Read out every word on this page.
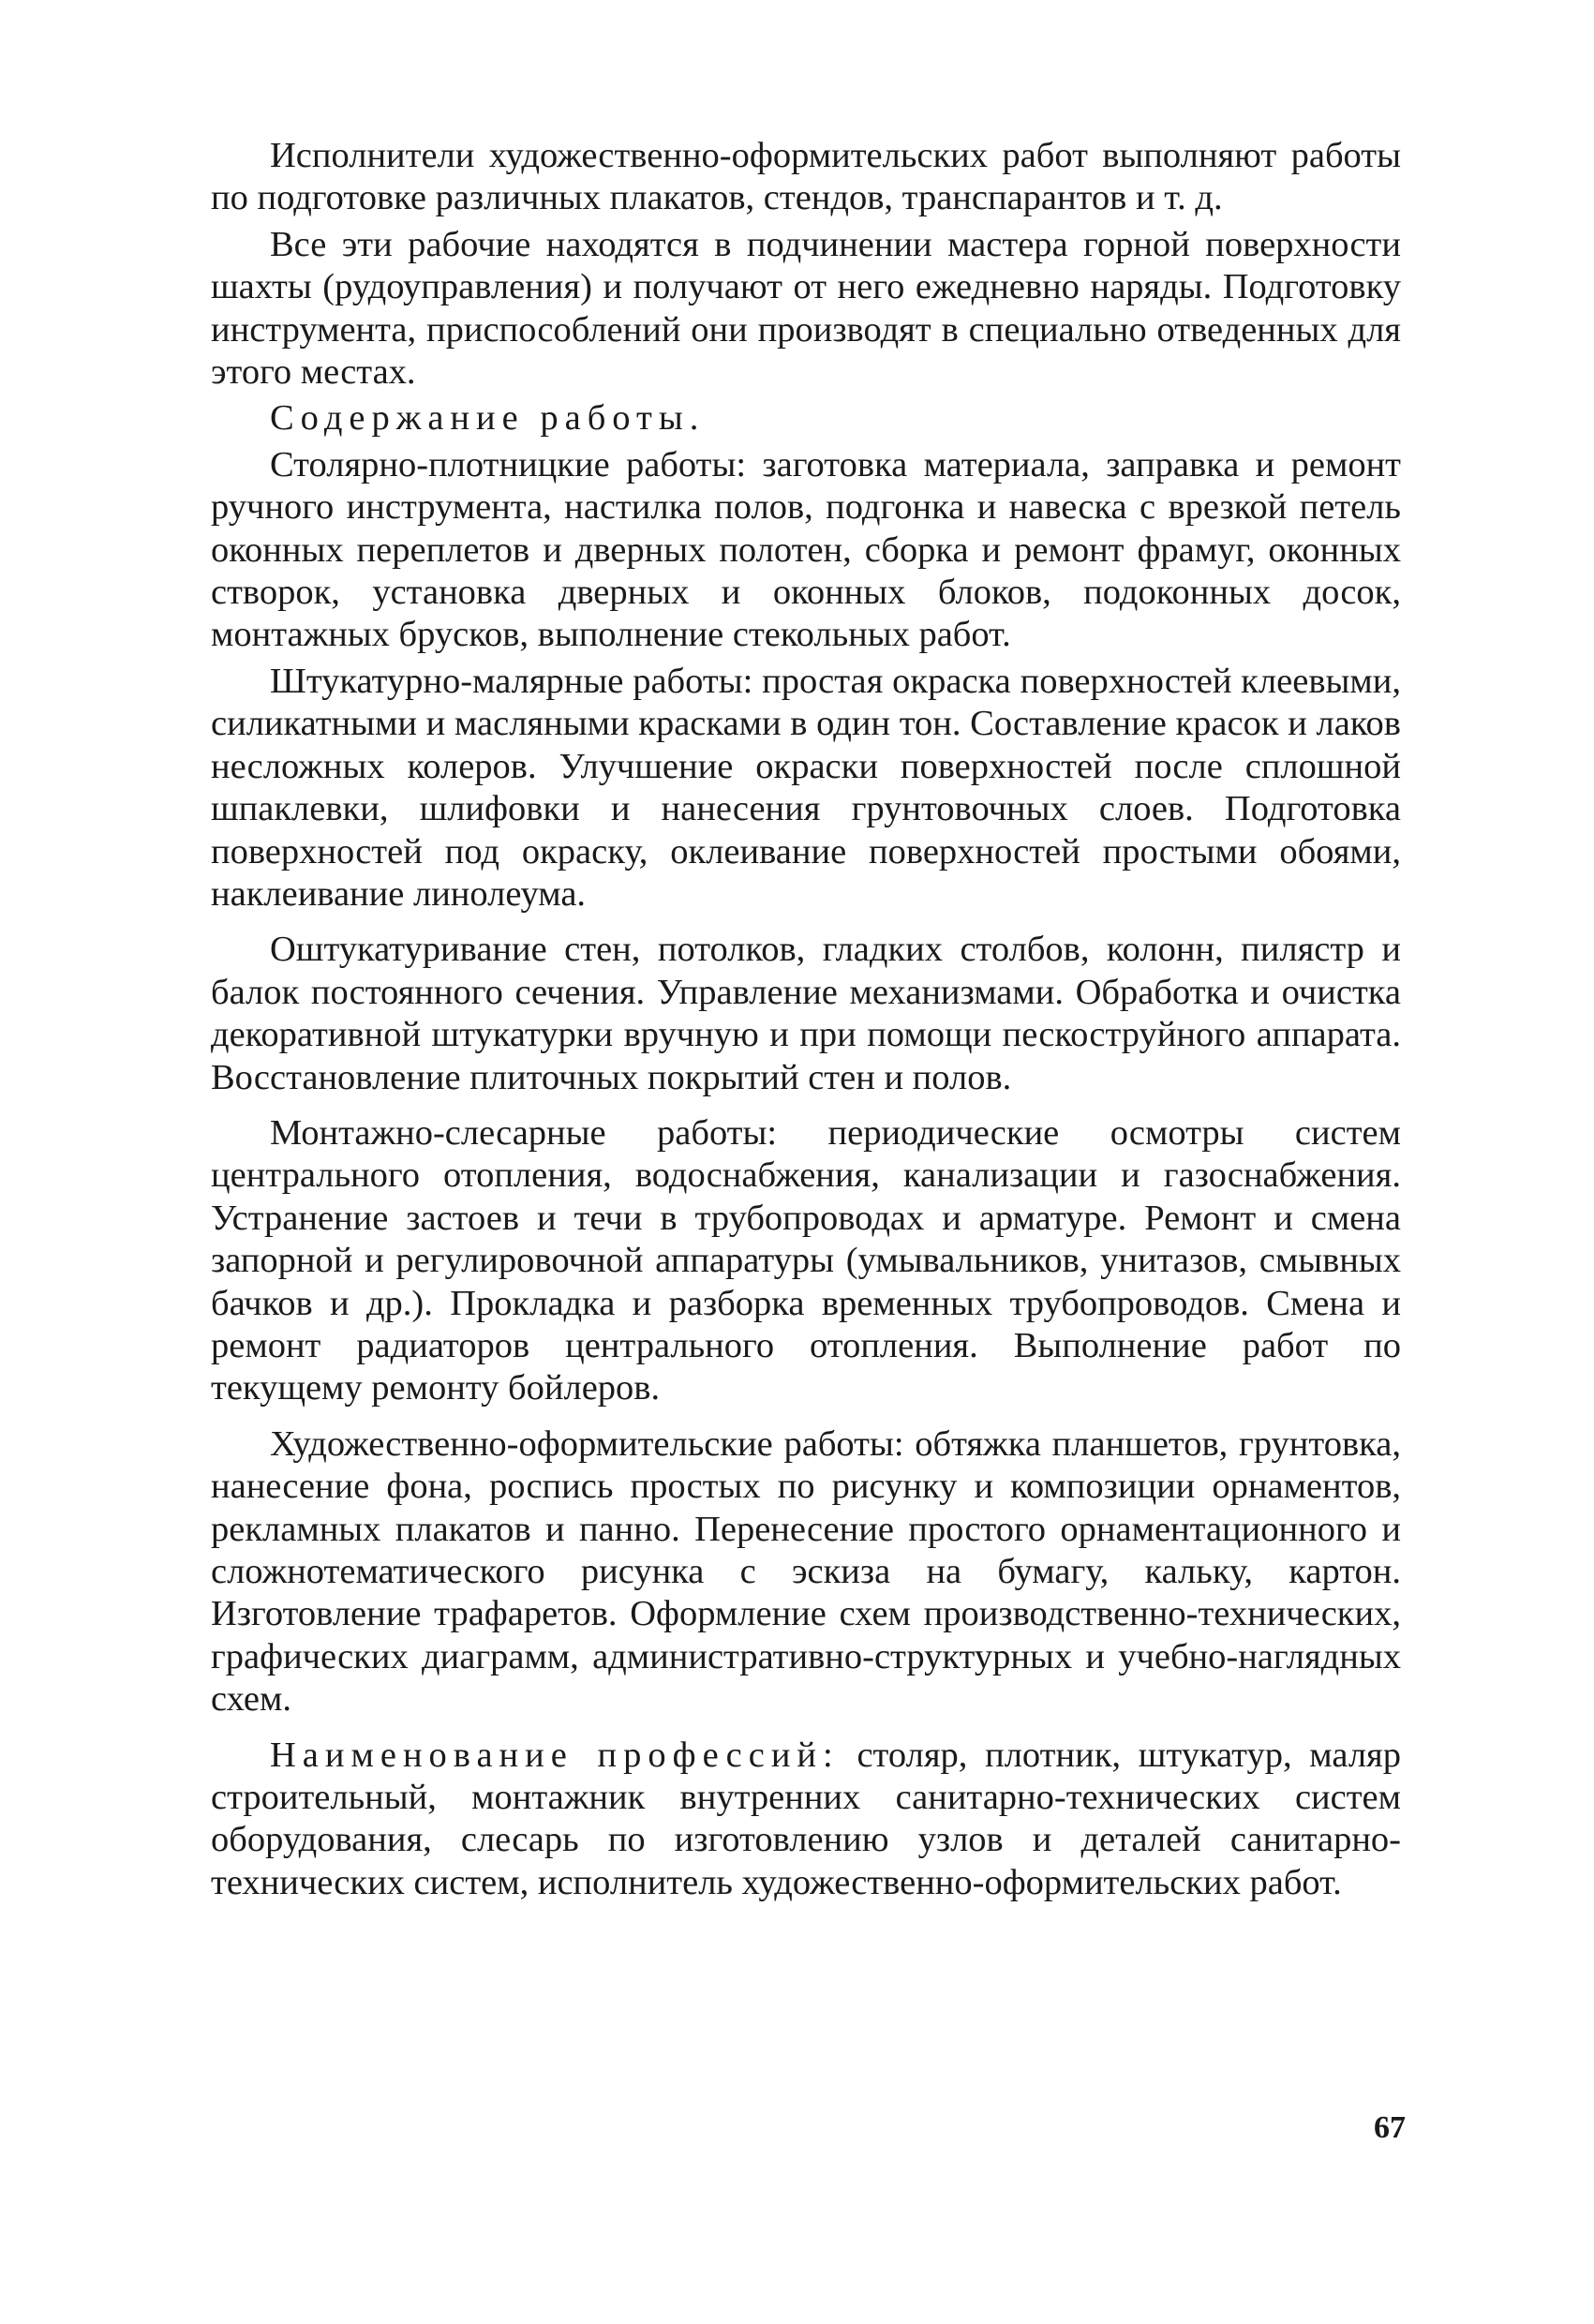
Исполнители художественно-оформительских работ выполняют работы по подготовке различных плакатов, стендов, транспарантов и т. д.

Все эти рабочие находятся в подчинении мастера горной поверхности шахты (рудоуправления) и получают от него ежедневно наряды. Подготовку инструмента, приспособлений они производят в специально отведенных для этого местах.

Содержание работы.

Столярно-плотницкие работы: заготовка материала, заправка и ремонт ручного инструмента, настилка полов, подгонка и навеска с врезкой петель оконных переплетов и дверных полотен, сборка и ремонт фрамуг, оконных створок, установка дверных и оконных блоков, подоконных досок, монтажных брусков, выполнение стекольных работ.

Штукатурно-малярные работы: простая окраска поверхностей клеевыми, силикатными и масляными красками в один тон. Составление красок и лаков несложных колеров. Улучшение окраски поверхностей после сплошной шпаклевки, шлифовки и нанесения грунтовочных слоев. Подготовка поверхностей под окраску, оклеивание поверхностей простыми обоями, наклеивание линолеума.

Оштукатуривание стен, потолков, гладких столбов, колонн, пилястр и балок постоянного сечения. Управление механизмами. Обработка и очистка декоративной штукатурки вручную и при помощи пескоструйного аппарата. Восстановление плиточных покрытий стен и полов.

Монтажно-слесарные работы: периодические осмотры систем центрального отопления, водоснабжения, канализации и газоснабжения. Устранение застоев и течи в трубопроводах и арматуре. Ремонт и смена запорной и регулировочной аппаратуры (умывальников, унитазов, смывных бачков и др.). Прокладка и разборка временных трубопроводов. Смена и ремонт радиаторов центрального отопления. Выполнение работ по текущему ремонту бойлеров.

Художественно-оформительские работы: обтяжка планшетов, грунтовка, нанесение фона, роспись простых по рисунку и композиции орнаментов, рекламных плакатов и панно. Перенесение простого орнаментационного и сложнотематического рисунка с эскиза на бумагу, кальку, картон. Изготовление трафаретов. Оформление схем производственно-технических, графических диаграмм, административно-структурных и учебно-наглядных схем.

Наименование профессий: столяр, плотник, штукатур, маляр строительный, монтажник внутренних санитарно-технических систем оборудования, слесарь по изготовлению узлов и деталей санитарно-технических систем, исполнитель художественно-оформительских работ.

67
